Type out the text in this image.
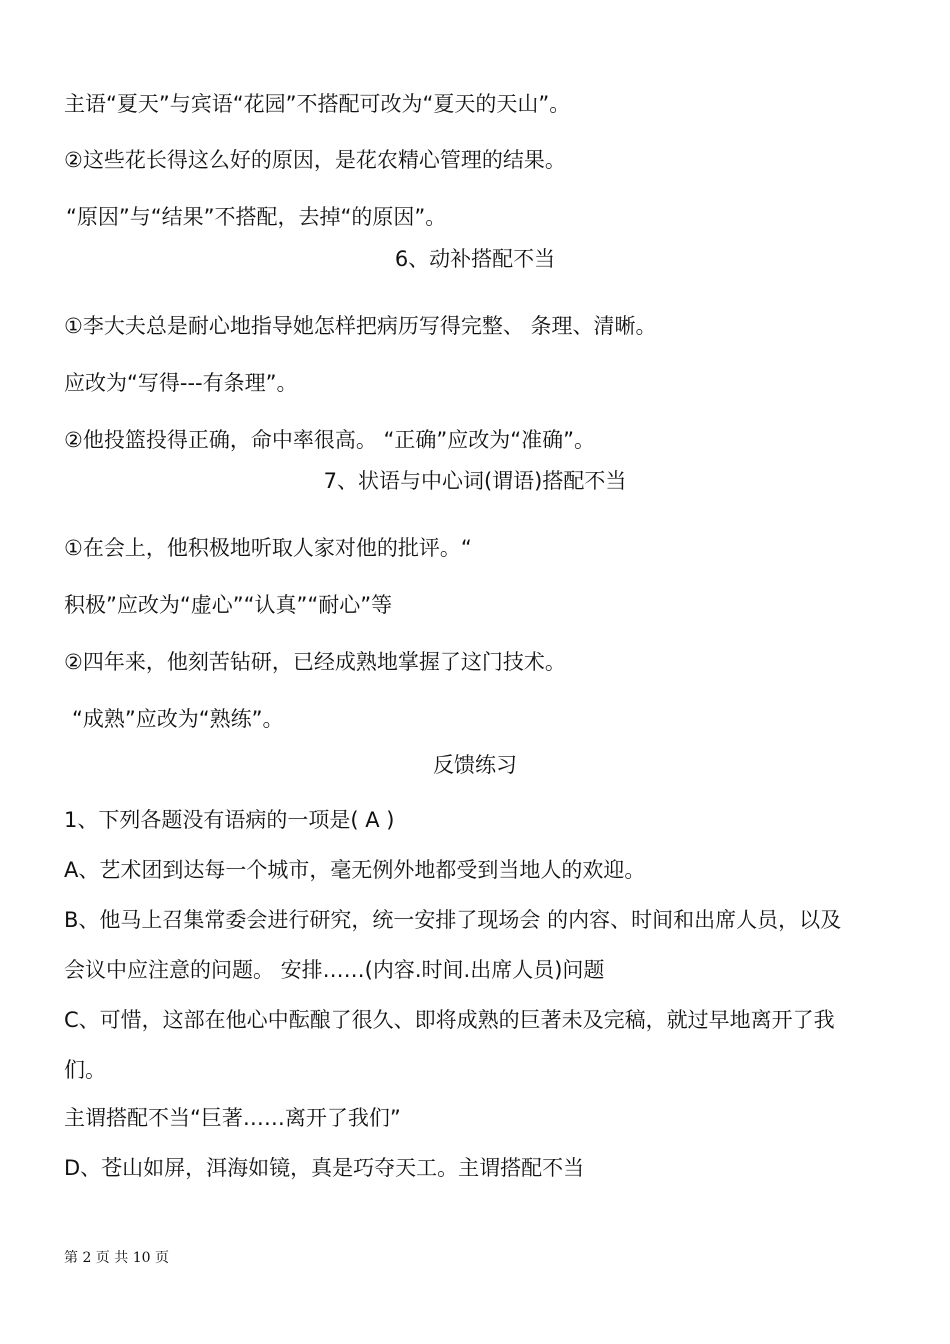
主语“夏天”与宾语“花园”不搭配可改为“夏天的天山”。
②这些花长得这么好的原因，是花农精心管理的结果。
“原因”与“结果”不搭配，去掉“的原因”。
6、动补搭配不当
①李大夫总是耐心地指导她怎样把病历写得完整、 条理、清晰。
应改为“写得---有条理”。
②他投篮投得正确，命中率很高。 “正确”应改为“准确”。
7、状语与中心词(谓语)搭配不当
①在会上，他积极地听取人家对他的批评。“
积极”应改为“虚心”“认真”“耐心”等
②四年来，他刻苦钻研，已经成熟地掌握了这门技术。
“成熟”应改为“熟练”。
反馈练习
1、下列各题没有语病的一项是( A )
A、艺术团到达每一个城市，毫无例外地都受到当地人的欢迎。
B、他马上召集常委会进行研究，统一安排了现场会 的内容、时间和出席人员，以及
会议中应注意的问题。 安排……(内容.时间.出席人员)问题
C、可惜，这部在他心中酝酿了很久、即将成熟的巨著未及完稿，就过早地离开了我
们。
主谓搭配不当“巨著……离开了我们”
D、苍山如屏，洱海如镜，真是巧夺天工。主谓搭配不当
第 2 页 共 10 页
